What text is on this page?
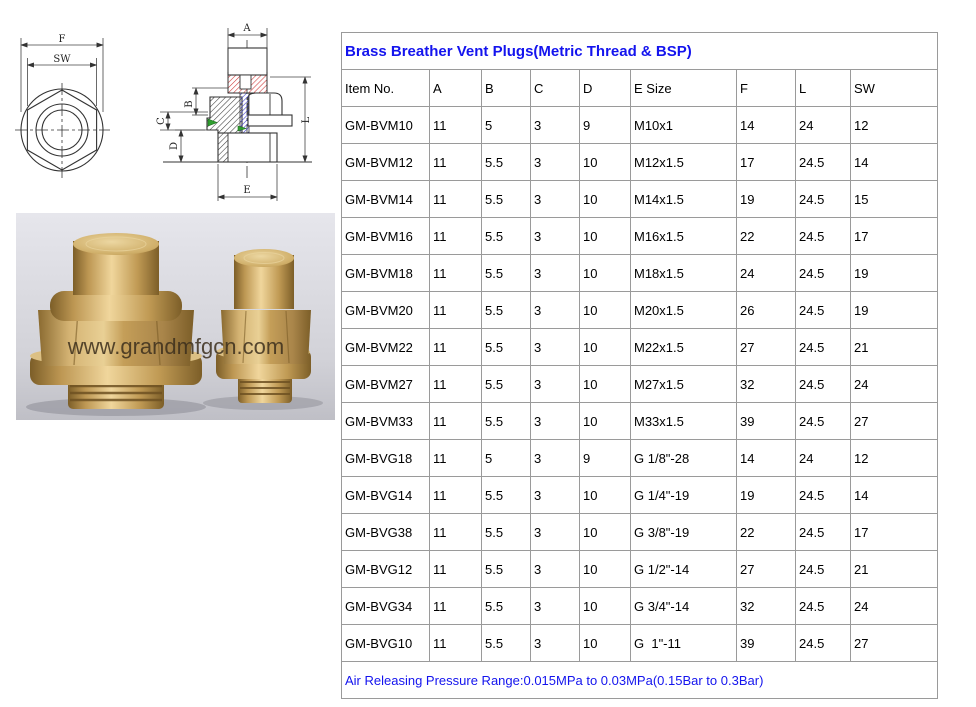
F
SW
A
B
C
D
L
E
www.grandmfgcn.com
Brass Breather Vent Plugs(Metric Thread & BSP)								
Item No.	A	B	C	D	E Size	F	L	SW
GM-BVM10	11	5	3	9	M10x1	14	24	12
GM-BVM12	11	5.5	3	10	M12x1.5	17	24.5	14
GM-BVM14	11	5.5	3	10	M14x1.5	19	24.5	15
GM-BVM16	11	5.5	3	10	M16x1.5	22	24.5	17
GM-BVM18	11	5.5	3	10	M18x1.5	24	24.5	19
GM-BVM20	11	5.5	3	10	M20x1.5	26	24.5	19
GM-BVM22	11	5.5	3	10	M22x1.5	27	24.5	21
GM-BVM27	11	5.5	3	10	M27x1.5	32	24.5	24
GM-BVM33	11	5.5	3	10	M33x1.5	39	24.5	27
GM-BVG18	11	5	3	9	G 1/8"-28	14	24	12
GM-BVG14	11	5.5	3	10	G 1/4"-19	19	24.5	14
GM-BVG38	11	5.5	3	10	G 3/8"-19	22	24.5	17
GM-BVG12	11	5.5	3	10	G 1/2"-14	27	24.5	21
GM-BVG34	11	5.5	3	10	G 3/4"-14	32	24.5	24
GM-BVG10	11	5.5	3	10	G  1"-11	39	24.5	27
Air Releasing Pressure Range:0.015MPa to 0.03MPa(0.15Bar to 0.3Bar)								
